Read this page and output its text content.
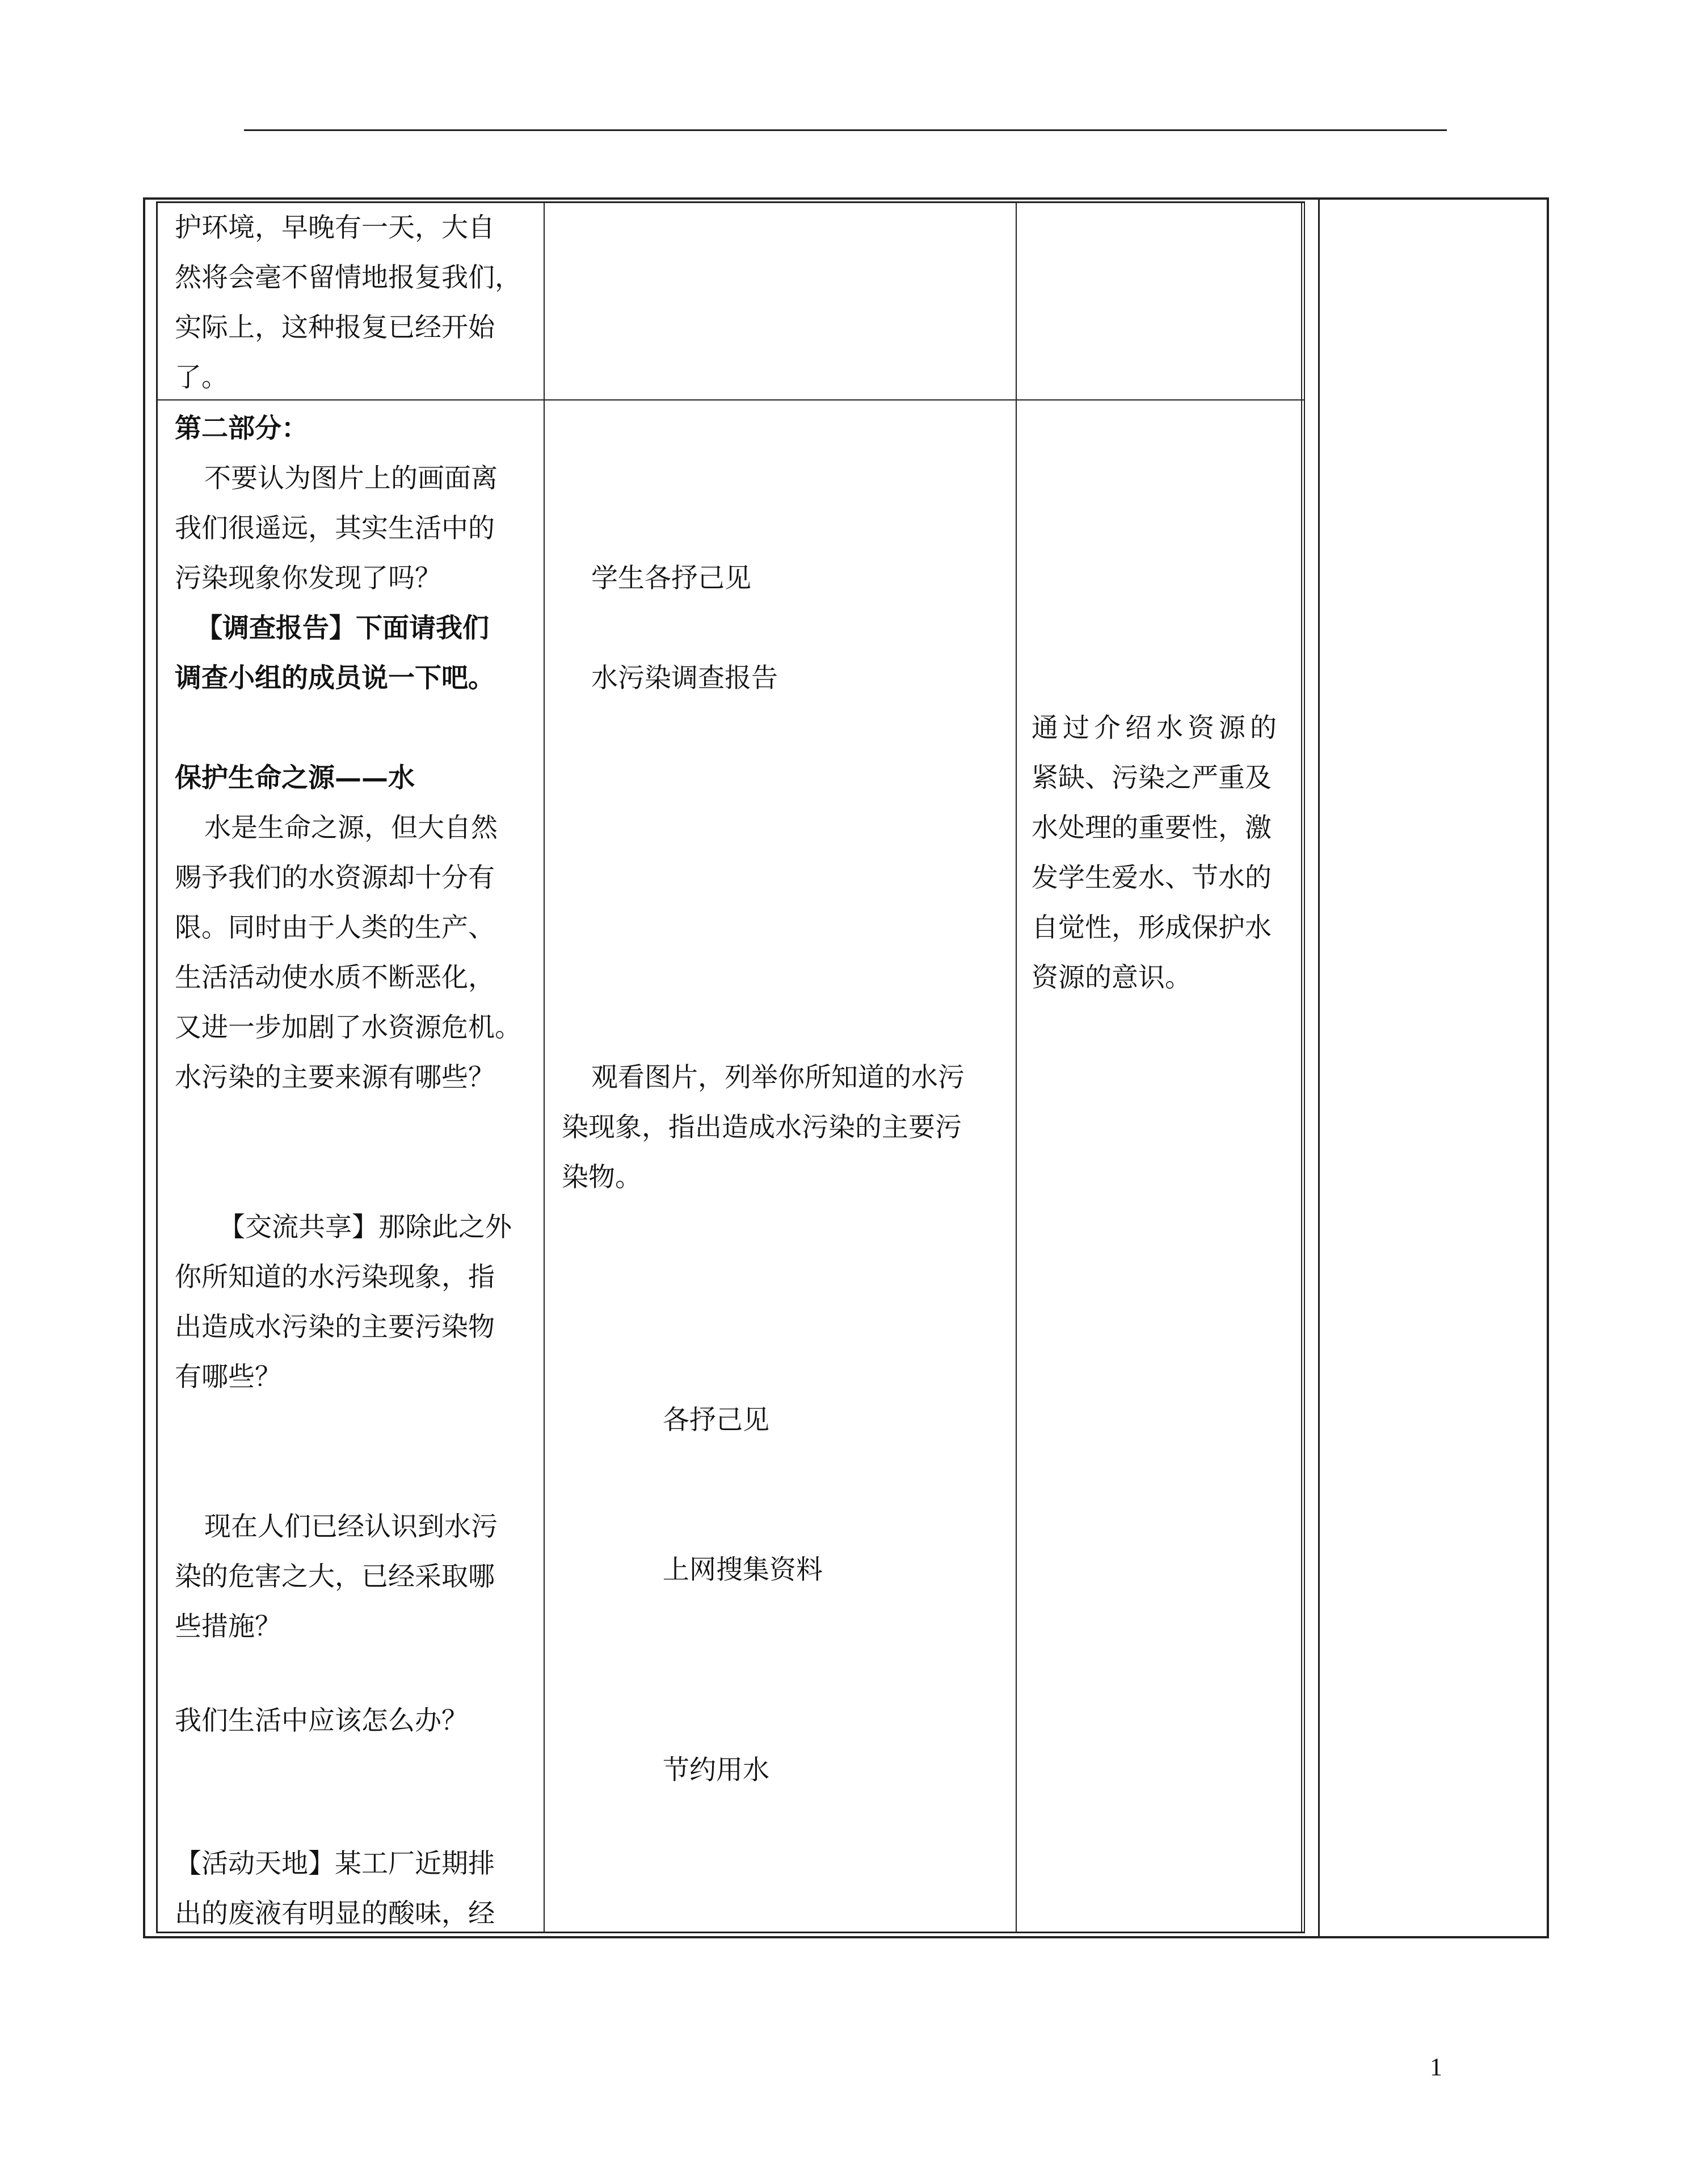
护环境，早晚有一天，大自
然将会毫不留情地报复我们，
实际上，这种报复已经开始
了。
第二部分：
不要认为图片上的画面离
我们很遥远，其实生活中的
污染现象你发现了吗？
【调查报告】下面请我们
调查小组的成员说一下吧。
保护生命之源——水
水是生命之源，但大自然
赐予我们的水资源却十分有
限。同时由于人类的生产、
生活活动使水质不断恶化，
又进一步加剧了水资源危机。
水污染的主要来源有哪些？
【交流共享】那除此之外
你所知道的水污染现象，指
出造成水污染的主要污染物
有哪些？
现在人们已经认识到水污
染的危害之大，已经采取哪
些措施？
我们生活中应该怎么办？
【活动天地】某工厂近期排
出的废液有明显的酸味，经
学生各抒己见
水污染调查报告
观看图片，列举你所知道的水污
染现象，指出造成水污染的主要污
染物。
各抒己见
上网搜集资料
节约用水
通过介绍水资源的
紧缺、污染之严重及
水处理的重要性，激
发学生爱水、节水的
自觉性，形成保护水
资源的意识。
1
